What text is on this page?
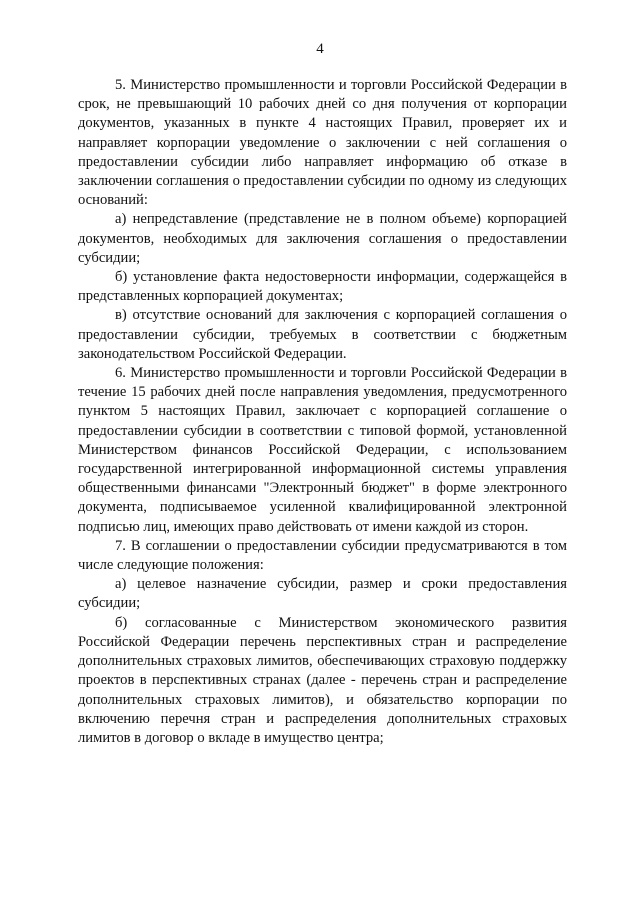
4

5. Министерство промышленности и торговли Российской Федерации в срок, не превышающий 10 рабочих дней со дня получения от корпорации документов, указанных в пункте 4 настоящих Правил, проверяет их и направляет корпорации уведомление о заключении с ней соглашения о предоставлении субсидии либо направляет информацию об отказе в заключении соглашения о предоставлении субсидии по одному из следующих оснований:

а) непредставление (представление не в полном объеме) корпорацией документов, необходимых для заключения соглашения о предоставлении субсидии;

б) установление факта недостоверности информации, содержащейся в представленных корпорацией документах;

в) отсутствие оснований для заключения с корпорацией соглашения о предоставлении субсидии, требуемых в соответствии с бюджетным законодательством Российской Федерации.

6. Министерство промышленности и торговли Российской Федерации в течение 15 рабочих дней после направления уведомления, предусмотренного пунктом 5 настоящих Правил, заключает с корпорацией соглашение о предоставлении субсидии в соответствии с типовой формой, установленной Министерством финансов Российской Федерации, с использованием государственной интегрированной информационной системы управления общественными финансами "Электронный бюджет" в форме электронного документа, подписываемое усиленной квалифицированной электронной подписью лиц, имеющих право действовать от имени каждой из сторон.

7. В соглашении о предоставлении субсидии предусматриваются в том числе следующие положения:

а) целевое назначение субсидии, размер и сроки предоставления субсидии;

б) согласованные с Министерством экономического развития Российской Федерации перечень перспективных стран и распределение дополнительных страховых лимитов, обеспечивающих страховую поддержку проектов в перспективных странах (далее - перечень стран и распределение дополнительных страховых лимитов), и обязательство корпорации по включению перечня стран и распределения дополнительных страховых лимитов в договор о вкладе в имущество центра;
